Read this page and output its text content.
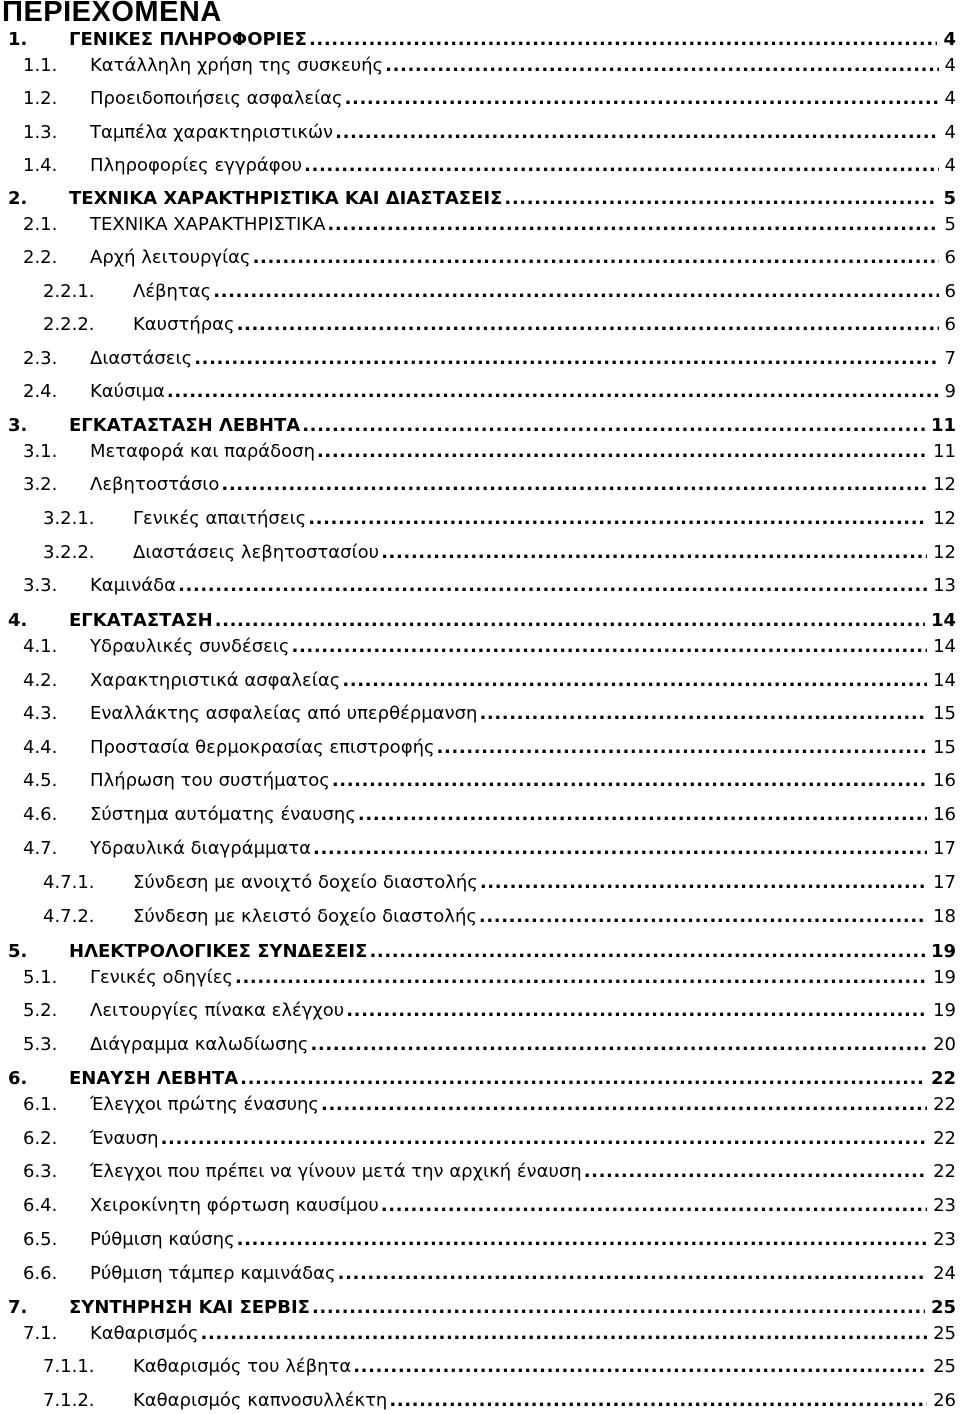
ΠΕΡΙΕΧΟΜΕΝΑ
1. ΓΕΝΙΚΕΣ ΠΛΗΡΟΦΟΡΙΕΣ .....	4
1.1. Κατάλληλη χρήση της συσκευής .....	4
1.2. Προειδοποιήσεις ασφαλείας .....	4
1.3. Ταμπέλα χαρακτηριστικών .....	4
1.4. Πληροφορίες εγγράφου .....	4
2. ΤΕΧΝΙΚΑ ΧΑΡΑΚΤΗΡΙΣΤΙΚΑ ΚΑΙ ΔΙΑΣΤΑΣΕΙΣ .....	5
2.1. ΤΕΧΝΙΚΑ ΧΑΡΑΚΤΗΡΙΣΤΙΚΑ .....	5
2.2. Αρχή λειτουργίας .....	6
2.2.1. Λέβητας .....	6
2.2.2. Καυστήρας .....	6
2.3. Διαστάσεις .....	7
2.4. Καύσιμα .....	9
3. ΕΓΚΑΤΑΣΤΑΣΗ ΛΕΒΗΤΑ .....	11
3.1. Μεταφορά και παράδοση .....	11
3.2. Λεβητοστάσιο .....	12
3.2.1. Γενικές απαιτήσεις .....	12
3.2.2. Διαστάσεις λεβητοστασίου .....	12
3.3. Καμινάδα .....	13
4. ΕΓΚΑΤΑΣΤΑΣΗ .....	14
4.1. Υδραυλικές συνδέσεις .....	14
4.2. Χαρακτηριστικά ασφαλείας .....	14
4.3. Εναλλάκτης ασφαλείας από υπερθέρμανση .....	15
4.4. Προστασία θερμοκρασίας επιστροφής .....	15
4.5. Πλήρωση του συστήματος .....	16
4.6. Σύστημα αυτόματης έναυσης .....	16
4.7. Υδραυλικά διαγράμματα .....	17
4.7.1. Σύνδεση με ανοιχτό δοχείο διαστολής .....	17
4.7.2. Σύνδεση με κλειστό δοχείο διαστολής .....	18
5. ΗΛΕΚΤΡΟΛΟΓΙΚΕΣ ΣΥΝΔΕΣΕΙΣ .....	19
5.1. Γενικές οδηγίες .....	19
5.2. Λειτουργίες πίνακα ελέγχου .....	19
5.3. Διάγραμμα καλωδίωσης .....	20
6. ΕΝΑΥΣΗ ΛΕΒΗΤΑ .....	22
6.1. Έλεγχοι πρώτης ένασυης .....	22
6.2. Έναυση .....	22
6.3. Έλεγχοι που πρέπει να γίνουν μετά την αρχική έναυση .....	22
6.4. Χειροκίνητη φόρτωση καυσίμου .....	23
6.5. Ρύθμιση καύσης .....	23
6.6. Ρύθμιση τάμπερ καμινάδας .....	24
7. ΣΥΝΤΗΡΗΣΗ ΚΑΙ ΣΕΡΒΙΣ .....	25
7.1. Καθαρισμός .....	25
7.1.1. Καθαρισμός του λέβητα .....	25
7.1.2. Καθαρισμός καπνοσυλλέκτη .....	26
